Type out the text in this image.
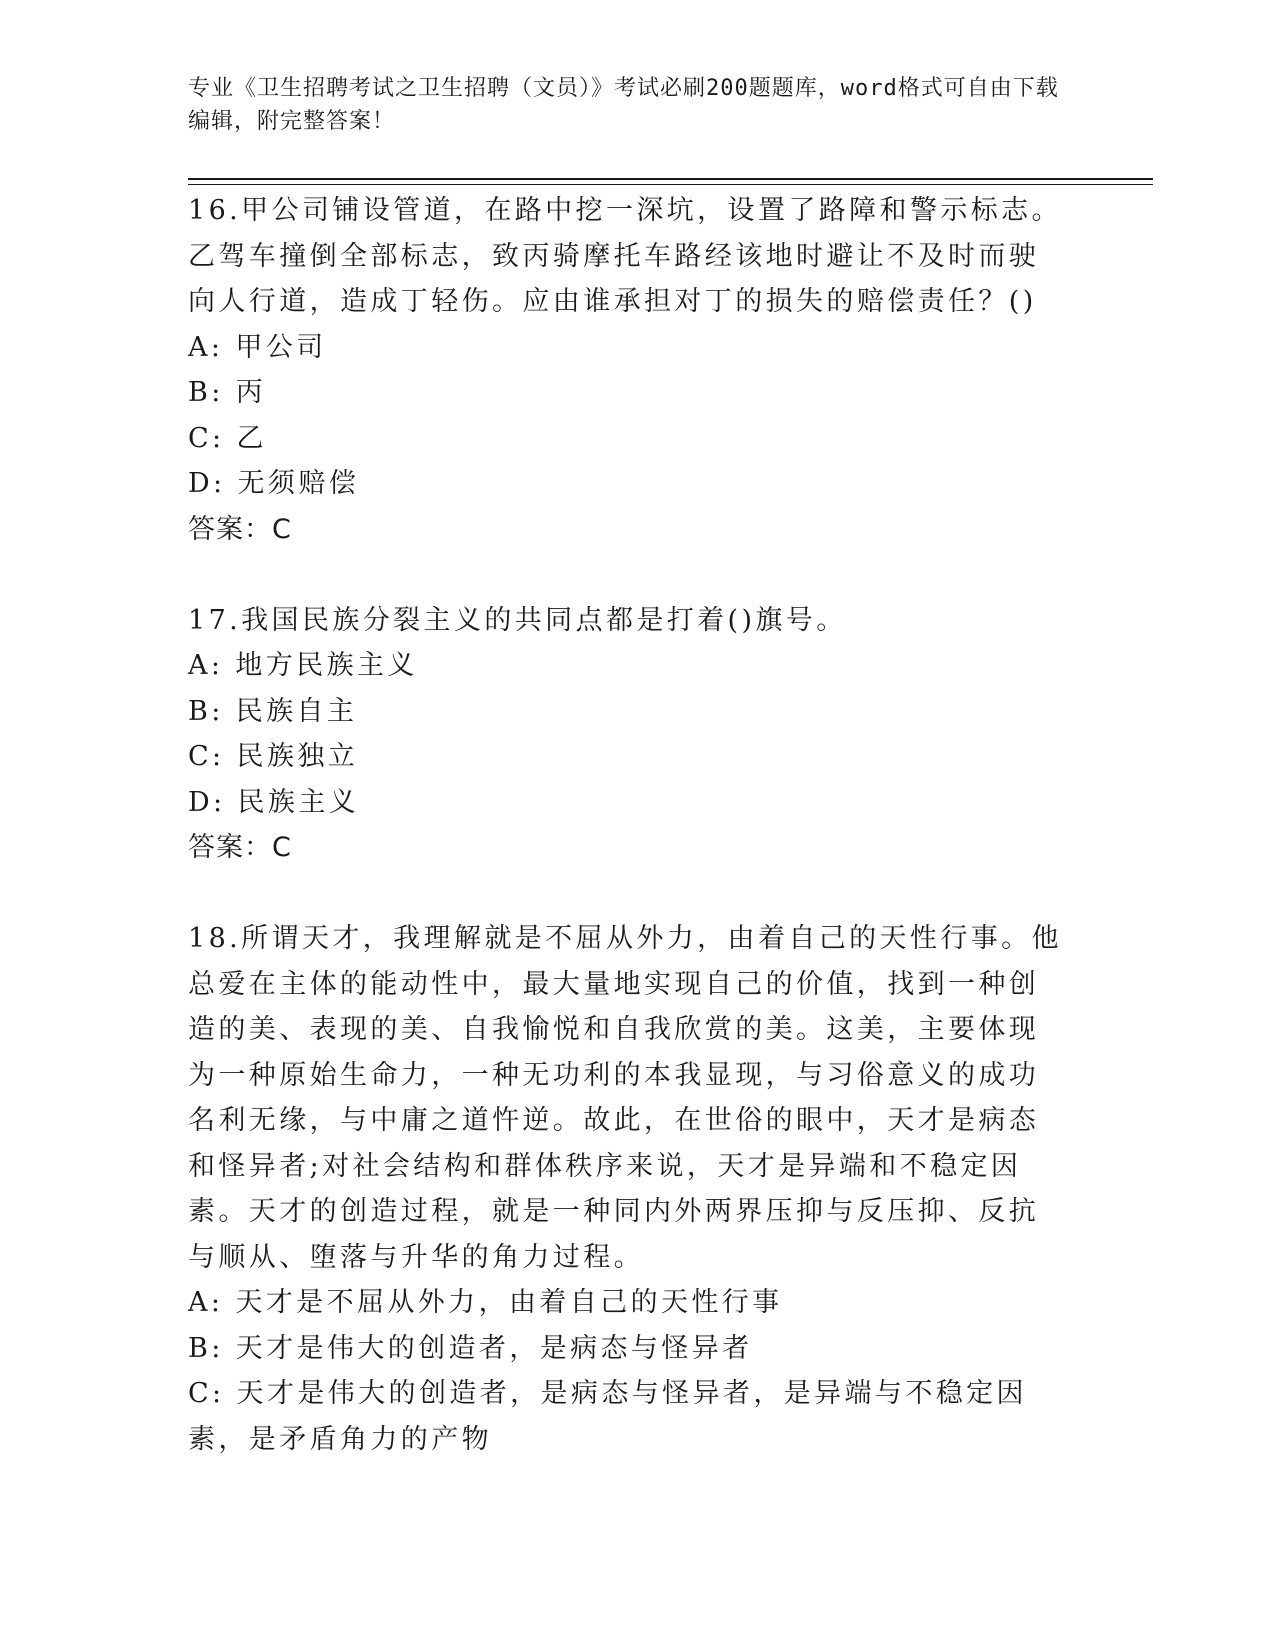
专业《卫生招聘考试之卫生招聘（文员）》考试必刷200题题库，word格式可自由下载编辑，附完整答案！

16.甲公司铺设管道，在路中挖一深坑，设置了路障和警示标志。乙驾车撞倒全部标志，致丙骑摩托车路经该地时避让不及时而驶向人行道，造成丁轻伤。应由谁承担对丁的损失的赔偿责任？()

A: 甲公司

B: 丙

C: 乙

D: 无须赔偿

答案：C

17.我国民族分裂主义的共同点都是打着()旗号。

A: 地方民族主义

B: 民族自主

C: 民族独立

D: 民族主义

答案：C

18.所谓天才，我理解就是不屈从外力，由着自己的天性行事。他总爱在主体的能动性中，最大量地实现自己的价值，找到一种创造的美、表现的美、自我愉悦和自我欣赏的美。这美，主要体现为一种原始生命力，一种无功利的本我显现，与习俗意义的成功名利无缘，与中庸之道忤逆。故此，在世俗的眼中，天才是病态和怪异者;对社会结构和群体秩序来说，天才是异端和不稳定因素。天才的创造过程，就是一种同内外两界压抑与反压抑、反抗与顺从、堕落与升华的角力过程。

A: 天才是不屈从外力，由着自己的天性行事

B: 天才是伟大的创造者，是病态与怪异者

C: 天才是伟大的创造者，是病态与怪异者，是异端与不稳定因素，是矛盾角力的产物
